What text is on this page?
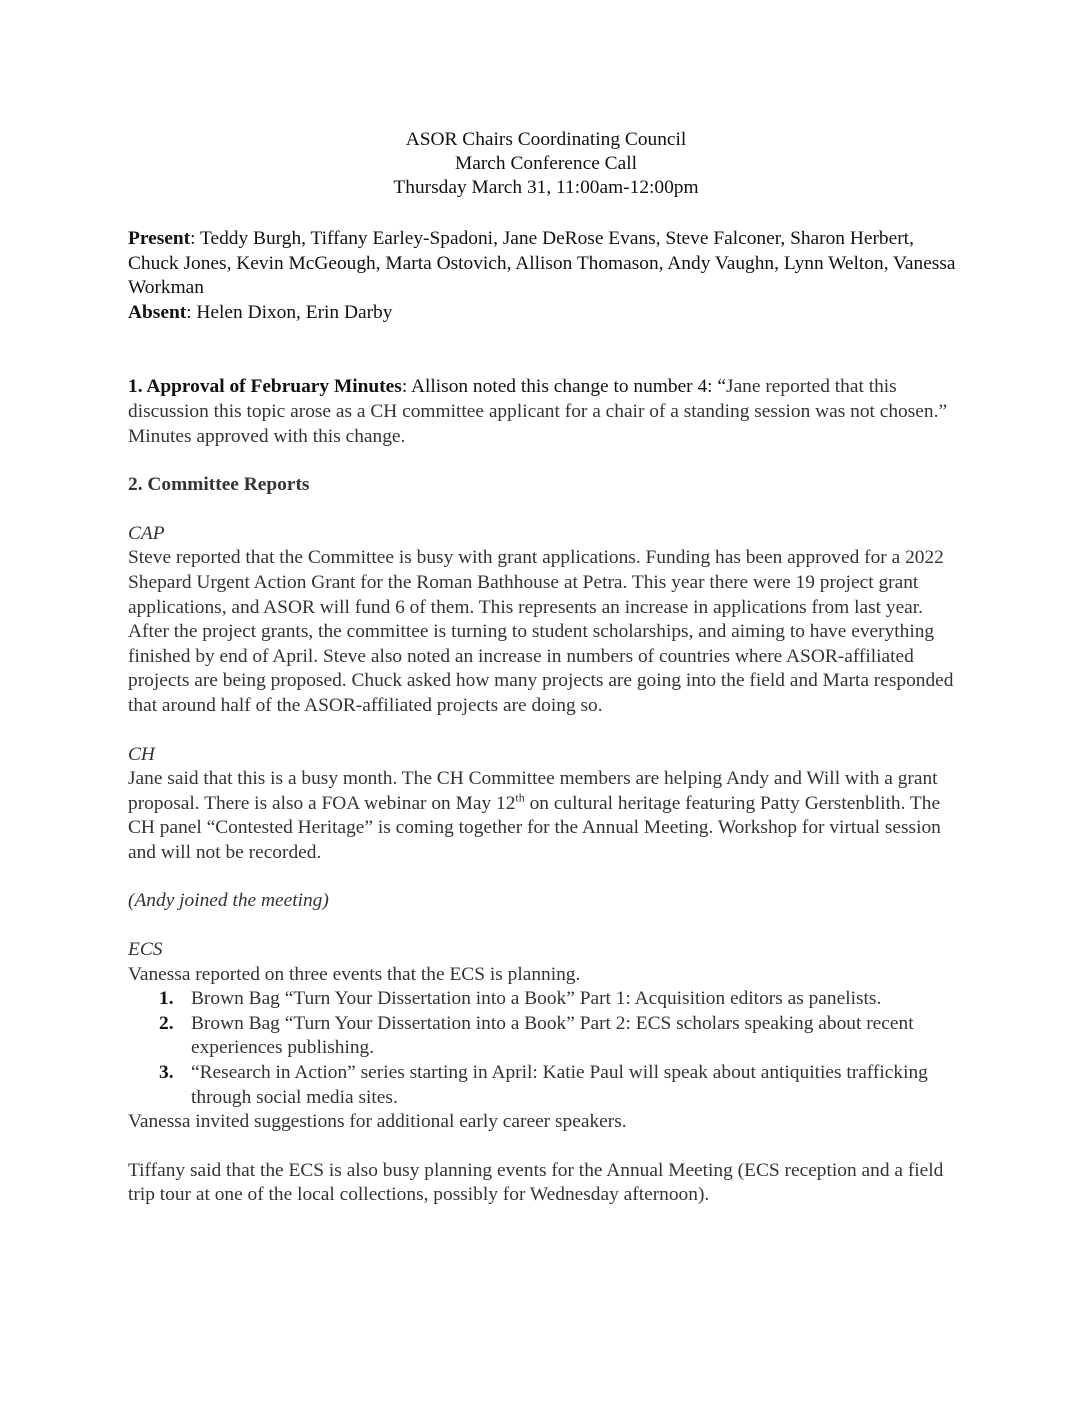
ASOR Chairs Coordinating Council
March Conference Call
Thursday March 31, 11:00am-12:00pm
Present: Teddy Burgh, Tiffany Earley-Spadoni, Jane DeRose Evans, Steve Falconer, Sharon Herbert, Chuck Jones, Kevin McGeough, Marta Ostovich, Allison Thomason, Andy Vaughn, Lynn Welton, Vanessa Workman
Absent: Helen Dixon, Erin Darby
1. Approval of February Minutes: Allison noted this change to number 4: “Jane reported that this discussion this topic arose as a CH committee applicant for a chair of a standing session was not chosen.”
Minutes approved with this change.
2. Committee Reports
CAP
Steve reported that the Committee is busy with grant applications. Funding has been approved for a 2022 Shepard Urgent Action Grant for the Roman Bathhouse at Petra. This year there were 19 project grant applications, and ASOR will fund 6 of them. This represents an increase in applications from last year. After the project grants, the committee is turning to student scholarships, and aiming to have everything finished by end of April. Steve also noted an increase in numbers of countries where ASOR-affiliated projects are being proposed. Chuck asked how many projects are going into the field and Marta responded that around half of the ASOR-affiliated projects are doing so.
CH
Jane said that this is a busy month. The CH Committee members are helping Andy and Will with a grant proposal. There is also a FOA webinar on May 12th on cultural heritage featuring Patty Gerstenblith. The CH panel “Contested Heritage” is coming together for the Annual Meeting. Workshop for virtual session and will not be recorded.
(Andy joined the meeting)
ECS
Vanessa reported on three events that the ECS is planning.
1. Brown Bag “Turn Your Dissertation into a Book” Part 1: Acquisition editors as panelists.
2. Brown Bag “Turn Your Dissertation into a Book” Part 2: ECS scholars speaking about recent experiences publishing.
3. “Research in Action” series starting in April: Katie Paul will speak about antiquities trafficking through social media sites.
Vanessa invited suggestions for additional early career speakers.
Tiffany said that the ECS is also busy planning events for the Annual Meeting (ECS reception and a field trip tour at one of the local collections, possibly for Wednesday afternoon).
